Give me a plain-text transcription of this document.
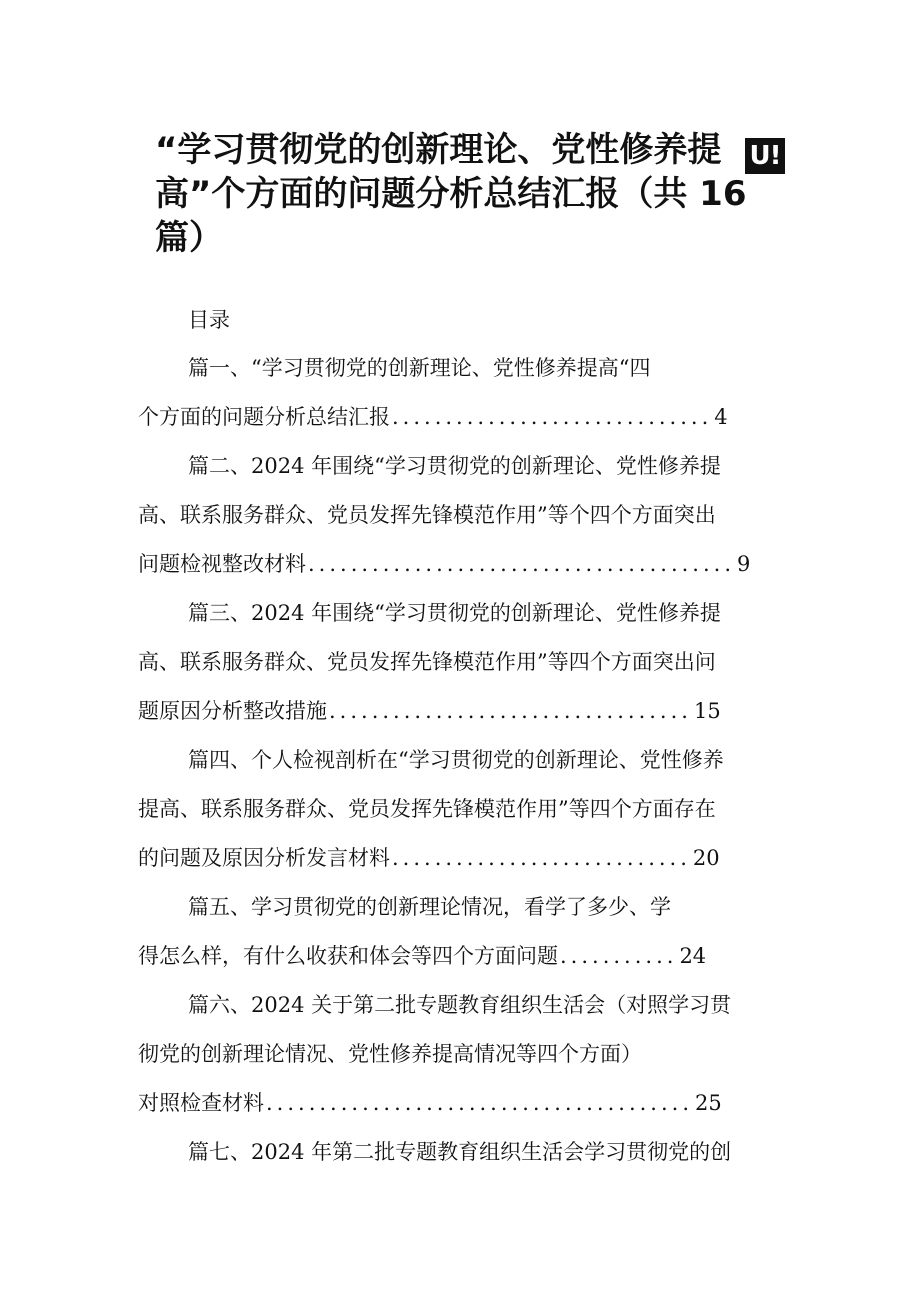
“学习贯彻党的创新理论、党性修养提
高”个方面的问题分析总结汇报（共 16
篇）
U!
目录
篇一、“学习贯彻党的创新理论、党性修养提高“四
个方面的问题分析总结汇报 .............................. 4
篇二、2024 年围绕“学习贯彻党的创新理论、党性修养提
高、联系服务群众、党员发挥先锋模范作用”等个四个方面突出
问题检视整改材料 ........................................ 9
篇三、2024 年围绕“学习贯彻党的创新理论、党性修养提
高、联系服务群众、党员发挥先锋模范作用”等四个方面突出问
题原因分析整改措施 .................................. 15
篇四、个人检视剖析在“学习贯彻党的创新理论、党性修养
提高、联系服务群众、党员发挥先锋模范作用”等四个方面存在
的问题及原因分析发言材料 ............................ 20
篇五、学习贯彻党的创新理论情况，看学了多少、学
得怎么样，有什么收获和体会等四个方面问题 ........... 24
篇六、2024 关于第二批专题教育组织生活会（对照学习贯
彻党的创新理论情况、党性修养提高情况等四个方面）
对照检查材料 ........................................ 25
篇七、2024 年第二批专题教育组织生活会学习贯彻党的创
